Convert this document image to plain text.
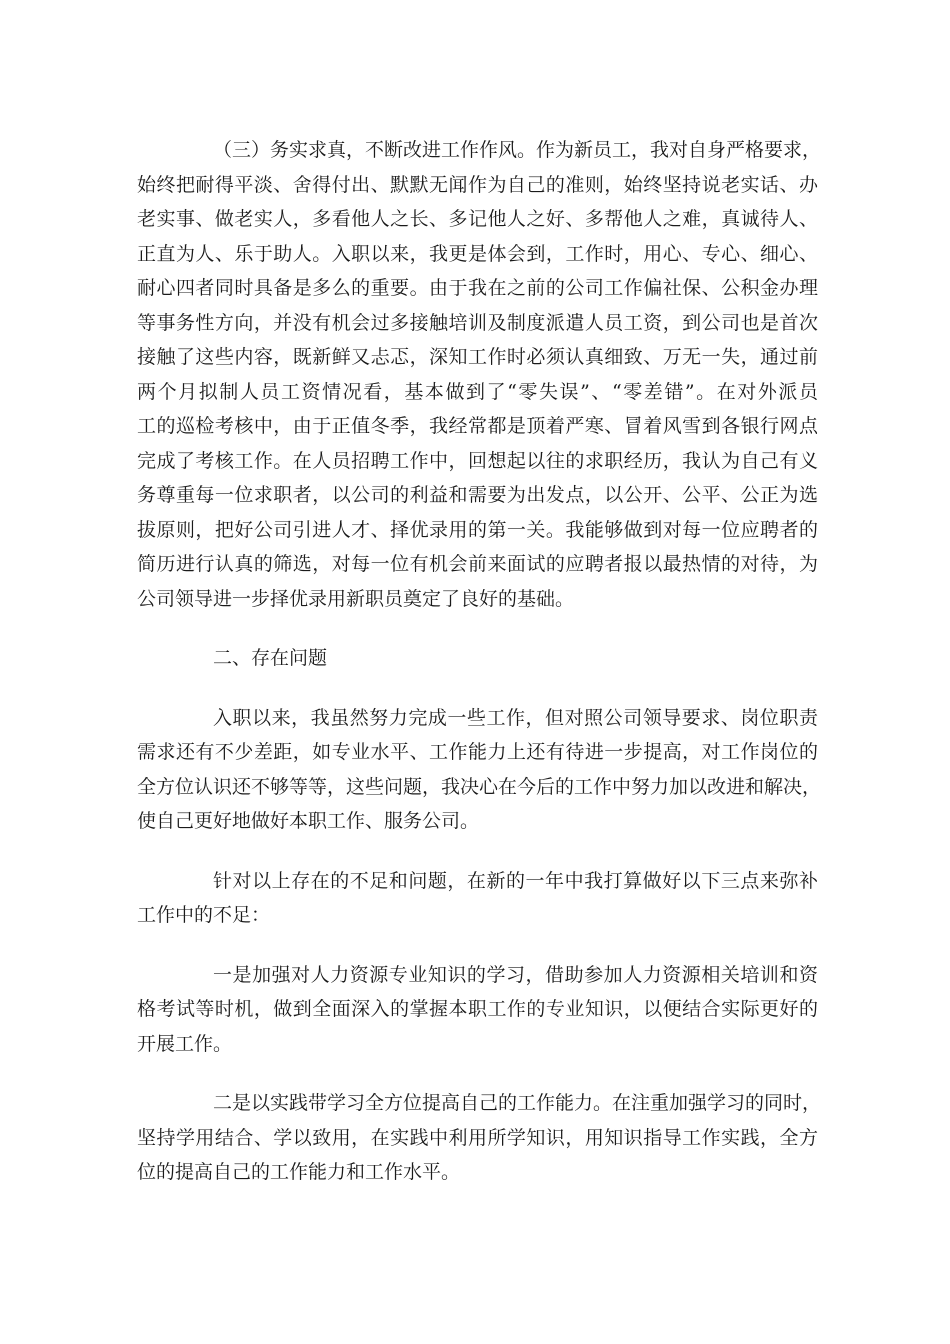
（三）务实求真，不断改进工作作风。作为新员工，我对自身严格要求，
始终把耐得平淡、舍得付出、默默无闻作为自己的准则，始终坚持说老实话、办
老实事、做老实人，多看他人之长、多记他人之好、多帮他人之难，真诚待人、
正直为人、乐于助人。入职以来，我更是体会到，工作时，用心、专心、细心、
耐心四者同时具备是多么的重要。由于我在之前的公司工作偏社保、公积金办理
等事务性方向，并没有机会过多接触培训及制度派遣人员工资，到公司也是首次
接触了这些内容，既新鲜又忐忑，深知工作时必须认真细致、万无一失，通过前
两个月拟制人员工资情况看，基本做到了“零失误”、“零差错”。在对外派员
工的巡检考核中，由于正值冬季，我经常都是顶着严寒、冒着风雪到各银行网点
完成了考核工作。在人员招聘工作中，回想起以往的求职经历，我认为自己有义
务尊重每一位求职者，以公司的利益和需要为出发点，以公开、公平、公正为选
拔原则，把好公司引进人才、择优录用的第一关。我能够做到对每一位应聘者的
简历进行认真的筛选，对每一位有机会前来面试的应聘者报以最热情的对待，为
公司领导进一步择优录用新职员奠定了良好的基础。
二、存在问题
入职以来，我虽然努力完成一些工作，但对照公司领导要求、岗位职责
需求还有不少差距，如专业水平、工作能力上还有待进一步提高，对工作岗位的
全方位认识还不够等等，这些问题，我决心在今后的工作中努力加以改进和解决，
使自己更好地做好本职工作、服务公司。
针对以上存在的不足和问题，在新的一年中我打算做好以下三点来弥补
工作中的不足：
一是加强对人力资源专业知识的学习，借助参加人力资源相关培训和资
格考试等时机，做到全面深入的掌握本职工作的专业知识，以便结合实际更好的
开展工作。
二是以实践带学习全方位提高自己的工作能力。在注重加强学习的同时，
坚持学用结合、学以致用，在实践中利用所学知识，用知识指导工作实践，全方
位的提高自己的工作能力和工作水平。
